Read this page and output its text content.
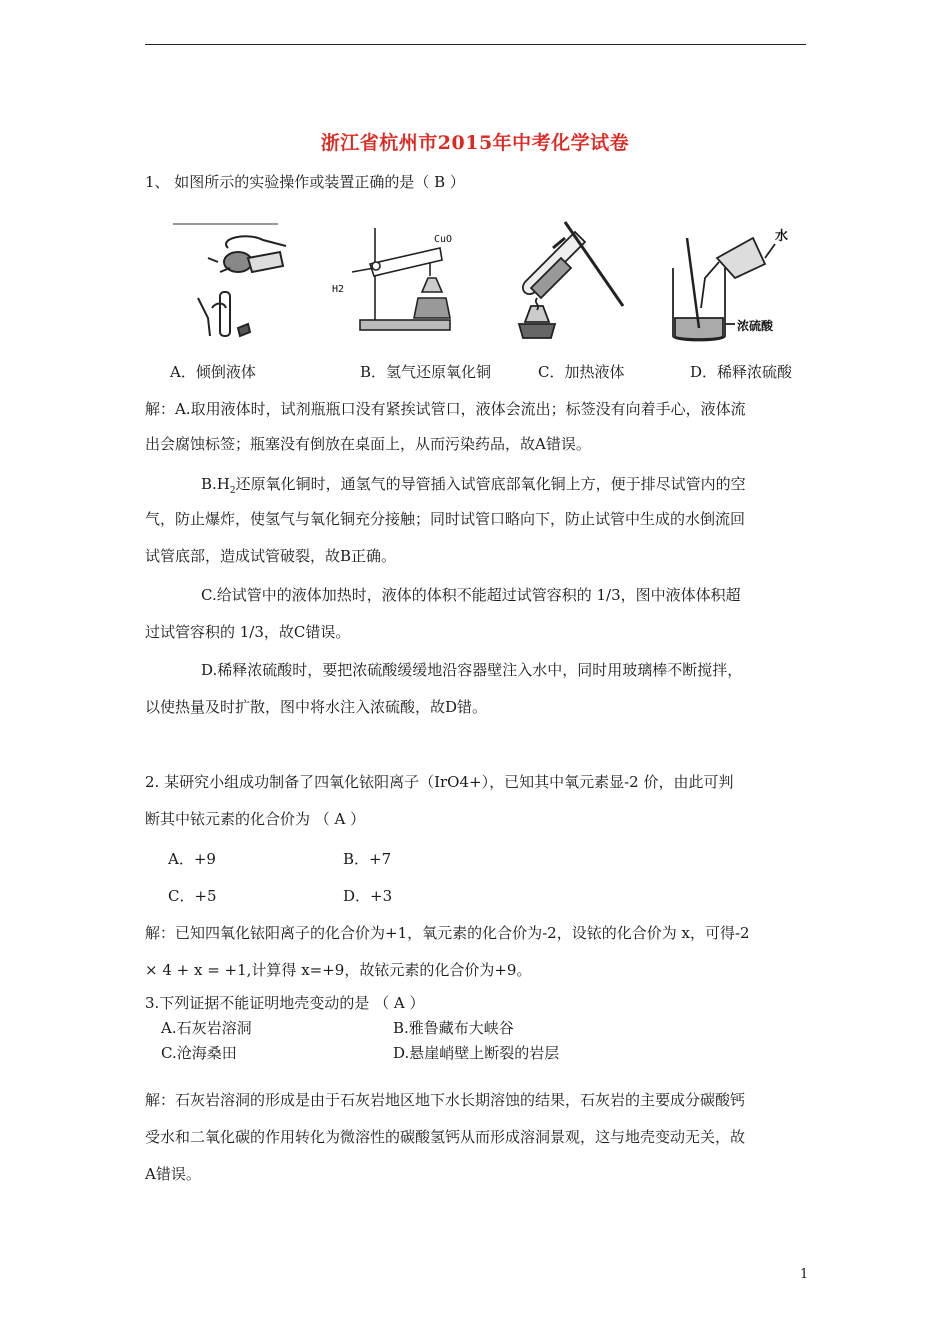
浙江省杭州市2015年中考化学试卷
1、 如图所示的实验操作或装置正确的是（ B ）
CuO
H2
水
浓硫酸
A．倾倒液体	B．氢气还原氧化铜	C．加热液体	D．稀释浓硫酸
解：A.取用液体时，试剂瓶瓶口没有紧挨试管口，液体会流出；标签没有向着手心，液体流
出会腐蚀标签；瓶塞没有倒放在桌面上，从而污染药品，故A错误。
$B.H_2$还原氧化铜时，通氢气的导管插入试管底部氧化铜上方，便于排尽试管内的空
气，防止爆炸，使氢气与氧化铜充分接触；同时试管口略向下，防止试管中生成的水倒流回
试管底部，造成试管破裂，故B正确。
C.给试管中的液体加热时，液体的体积不能超过试管容积的 1/3，图中液体体积超
过试管容积的 1/3，故C错误。
D.稀释浓硫酸时，要把浓硫酸缓缓地沿容器壁注入水中，同时用玻璃棒不断搅拌，
以使热量及时扩散，图中将水注入浓硫酸，故D错。
2. 某研究小组成功制备了四氧化铱阳离子（IrO4+），已知其中氧元素显-2 价，由此可判
断其中铱元素的化合价为 （ A ）
A．+9	B．+7
C．+5	D．+3
解：已知四氧化铱阳离子的化合价为+1，氧元素的化合价为-2，设铱的化合价为 x，可得-2
× 4 + x = +1,计算得 x=+9，故铱元素的化合价为+9。
3.下列证据不能证明地壳变动的是 （ A ）
A.石灰岩溶洞	B.雅鲁藏布大峡谷
C.沧海桑田	D.悬崖峭壁上断裂的岩层
解：石灰岩溶洞的形成是由于石灰岩地区地下水长期溶蚀的结果，石灰岩的主要成分碳酸钙
受水和二氧化碳的作用转化为微溶性的碳酸氢钙从而形成溶洞景观，这与地壳变动无关，故
A错误。
1
